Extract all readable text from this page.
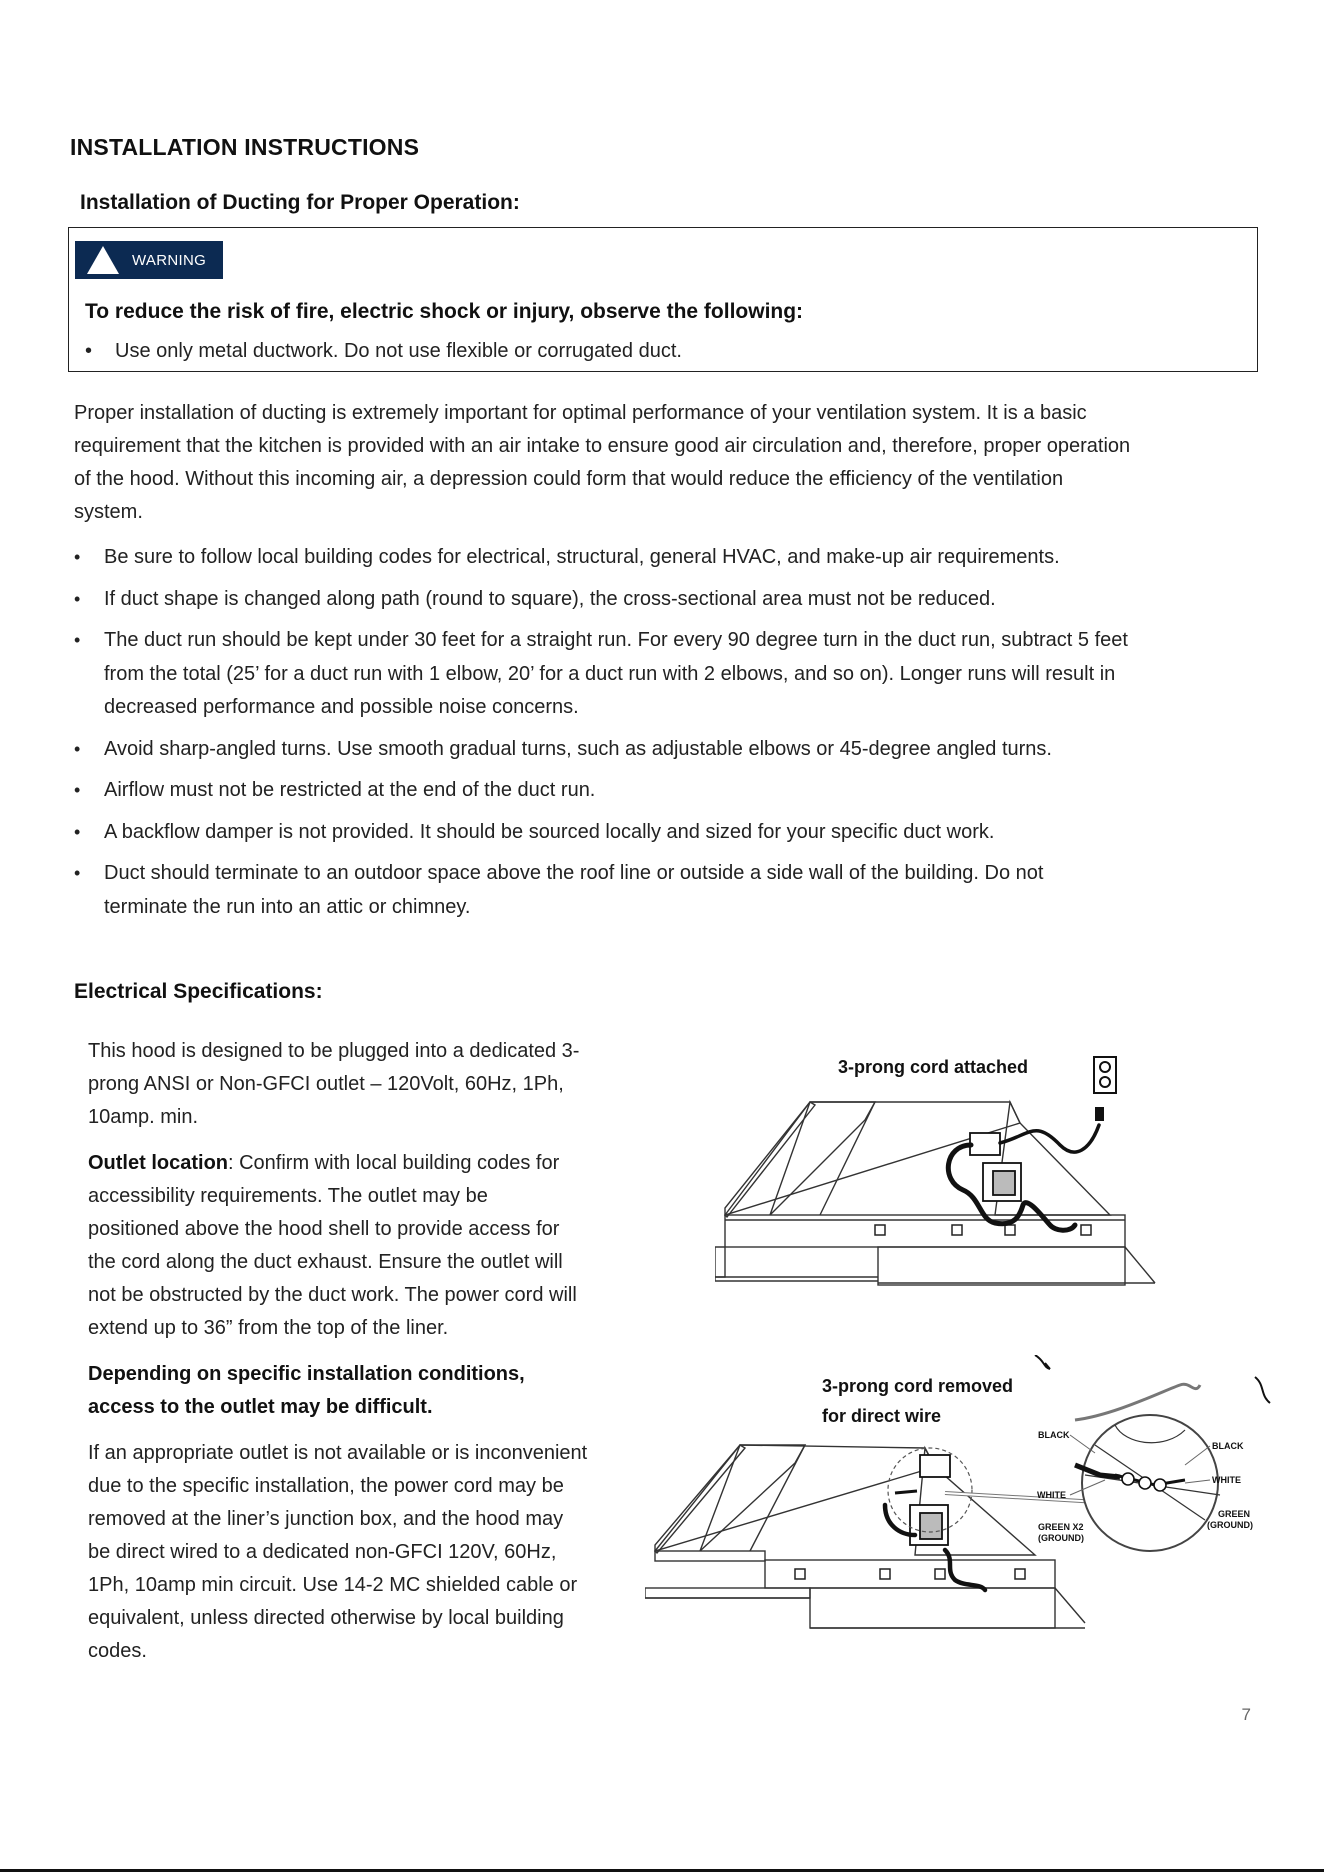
INSTALLATION INSTRUCTIONS
Installation of Ducting for Proper Operation:
WARNING
To reduce the risk of fire, electric shock or injury, observe the following:
• Use only metal ductwork. Do not use flexible or corrugated duct.

Proper installation of ducting is extremely important for optimal performance of your ventilation system. It is a basic
requirement that the kitchen is provided with an air intake to ensure good air circulation and, therefore, proper operation
of the hood. Without this incoming air, a depression could form that would reduce the efficiency of the ventilation
system.

• Be sure to follow local building codes for electrical, structural, general HVAC, and make-up air requirements.
• If duct shape is changed along path (round to square), the cross-sectional area must not be reduced.
• The duct run should be kept under 30 feet for a straight run. For every 90 degree turn in the duct run, subtract 5 feet
from the total (25’ for a duct run with 1 elbow, 20’ for a duct run with 2 elbows, and so on). Longer runs will result in
decreased performance and possible noise concerns.
• Avoid sharp-angled turns. Use smooth gradual turns, such as adjustable elbows or 45-degree angled turns.
• Airflow must not be restricted at the end of the duct run.
• A backflow damper is not provided. It should be sourced locally and sized for your specific duct work.
• Duct should terminate to an outdoor space above the roof line or outside a side wall of the building. Do not
terminate the run into an attic or chimney.
Electrical Specifications:
This hood is designed to be plugged into a dedicated 3-
prong ANSI or Non-GFCI outlet – 120Volt, 60Hz, 1Ph,
10amp. min.
Outlet location: Confirm with local building codes for
accessibility requirements. The outlet may be
positioned above the hood shell to provide access for
the cord along the duct exhaust. Ensure the outlet will
not be obstructed by the duct work. The power cord will
extend up to 36” from the top of the liner.
Depending on specific installation conditions,
access to the outlet may be difficult.
If an appropriate outlet is not available or is inconvenient
due to the specific installation, the power cord may be
removed at the liner’s junction box, and the hood may
be direct wired to a dedicated non-GFCI 120V, 60Hz,
1Ph, 10amp min circuit. Use 14-2 MC shielded cable or
equivalent, unless directed otherwise by local building
codes.
3-prong cord attached
3-prong cord removed
for direct wire
BLACK
WHITE
GREEN X2
(GROUND)
BLACK
WHITE
GREEN
(GROUND)
7
